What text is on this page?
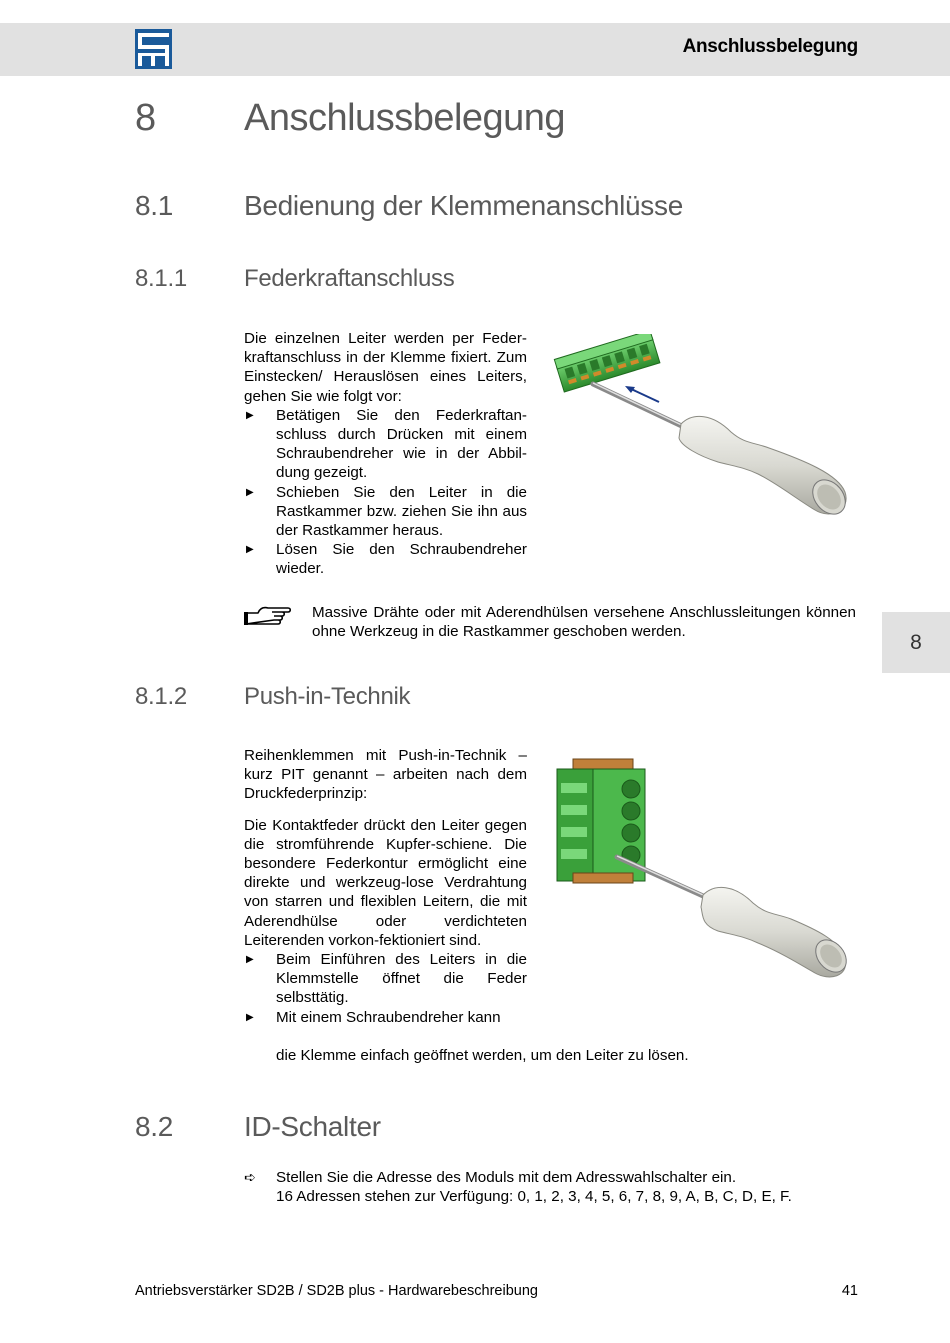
Anschlussbelegung
8 Anschlussbelegung
8.1	Bedienung der Klemmenanschlüsse
8.1.1 Federkraftanschluss

Die einzelnen Leiter werden per Feder-kraftanschluss in der Klemme fixiert. Zum Einstecken/ Herauslösen eines Leiters, gehen Sie wie folgt vor:

▶ Betätigen Sie den Federkraftan-schluss durch Drücken mit einem Schraubendreher wie in der Abbil-dung gezeigt.
▶ Schieben Sie den Leiter in die Rastkammer bzw. ziehen Sie ihn aus der Rastkammer heraus.
▶ Lösen Sie den Schraubendreher wieder.
Massive Drähte oder mit Aderendhülsen versehene Anschlussleitungen können ohne Werkzeug in die Rastkammer geschoben werden.	8
8.1.2 Push-in-Technik

Reihenklemmen mit Push-in-Technik – kurz PIT genannt – arbeiten nach dem Druckfederprinzip:

Die Kontaktfeder drückt den Leiter gegen die stromführende Kupfer-schiene. Die besondere Federkontur ermöglicht eine direkte und werkzeug-lose Verdrahtung von starren und flexiblen Leitern, die mit Aderendhülse oder verdichteten Leiterenden vorkon-fektioniert sind.

▶ Beim Einführen des Leiters in die Klemmstelle öffnet die Feder selbsttätig.
▶ Mit einem Schraubendreher kann
die Klemme einfach geöffnet werden, um den Leiter zu lösen.
8.2	ID-Schalter
➪	Stellen Sie die Adresse des Moduls mit dem Adresswahlschalter ein.
16 Adressen stehen zur Verfügung: 0, 1, 2, 3, 4, 5, 6, 7, 8, 9, A, B, C, D, E, F.
Antriebsverstärker SD2B / SD2B plus - Hardwarebeschreibung	41
